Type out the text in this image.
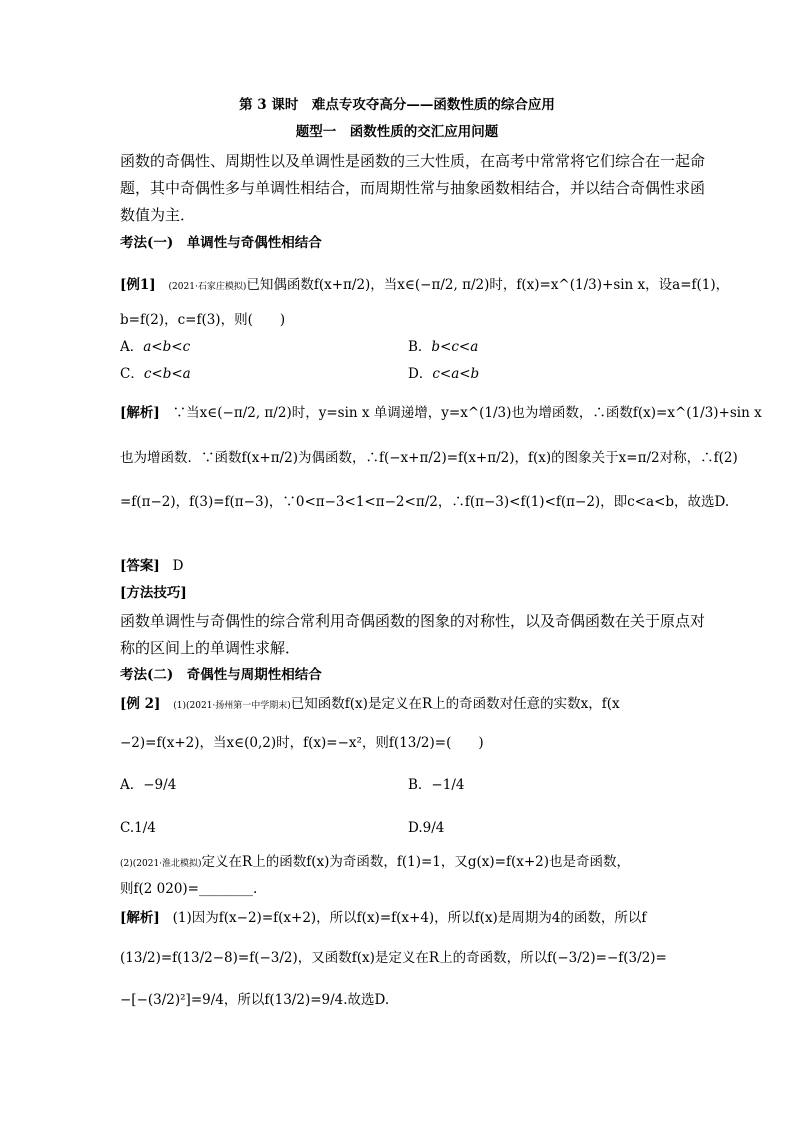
第 3 课时　难点专攻夺高分——函数性质的综合应用
题型一　函数性质的交汇应用问题
函数的奇偶性、周期性以及单调性是函数的三大性质，在高考中常常将它们综合在一起命
题，其中奇偶性多与单调性相结合，而周期性常与抽象函数相结合，并以结合奇偶性求函
数值为主．
考法(一)　单调性与奇偶性相结合
[例1] (2021·石家庄模拟)已知偶函数f(x+π/2)，当x∈(−π/2, π/2)时，f(x)=x^(1/3)+sin x，设a=f(1)，
b=f(2)，c=f(3)，则(　　)
A．a<b<c	B．b<c<a
C．c<b<a	D．c<a<b
[解析] ∵当x∈(−π/2, π/2)时，y=sin x 单调递增，y=x^(1/3)也为增函数，∴函数f(x)=x^(1/3)+sin x
也为增函数．∵函数f(x+π/2)为偶函数，∴f(−x+π/2)=f(x+π/2)，f(x)的图象关于x=π/2对称，∴f(2)
=f(π−2)，f(3)=f(π−3)，∵0<π−3<1<π−2<π/2，∴f(π−3)<f(1)<f(π−2)，即c<a<b，故选D.
[答案] D
[方法技巧]
函数单调性与奇偶性的综合常利用奇偶函数的图象的对称性，以及奇偶函数在关于原点对
称的区间上的单调性求解．
考法(二)　奇偶性与周期性相结合
[例 2] (1)(2021·扬州第一中学期末)已知函数f(x)是定义在R上的奇函数对任意的实数x，f(x
−2)=f(x+2)，当x∈(0,2)时，f(x)=−x²，则f(13/2)=(　　)
A．−9/4	B．−1/4
C.1/4	D.9/4
(2)(2021·淮北模拟)定义在R上的函数f(x)为奇函数，f(1)=1，又g(x)=f(x+2)也是奇函数，
则f(2 020)=________.
[解析] (1)因为f(x−2)=f(x+2)，所以f(x)=f(x+4)，所以f(x)是周期为4的函数，所以f
(13/2)=f(13/2−8)=f(−3/2)，又函数f(x)是定义在R上的奇函数，所以f(−3/2)=−f(3/2)=
−[−(3/2)²]=9/4，所以f(13/2)=9/4.故选D.
